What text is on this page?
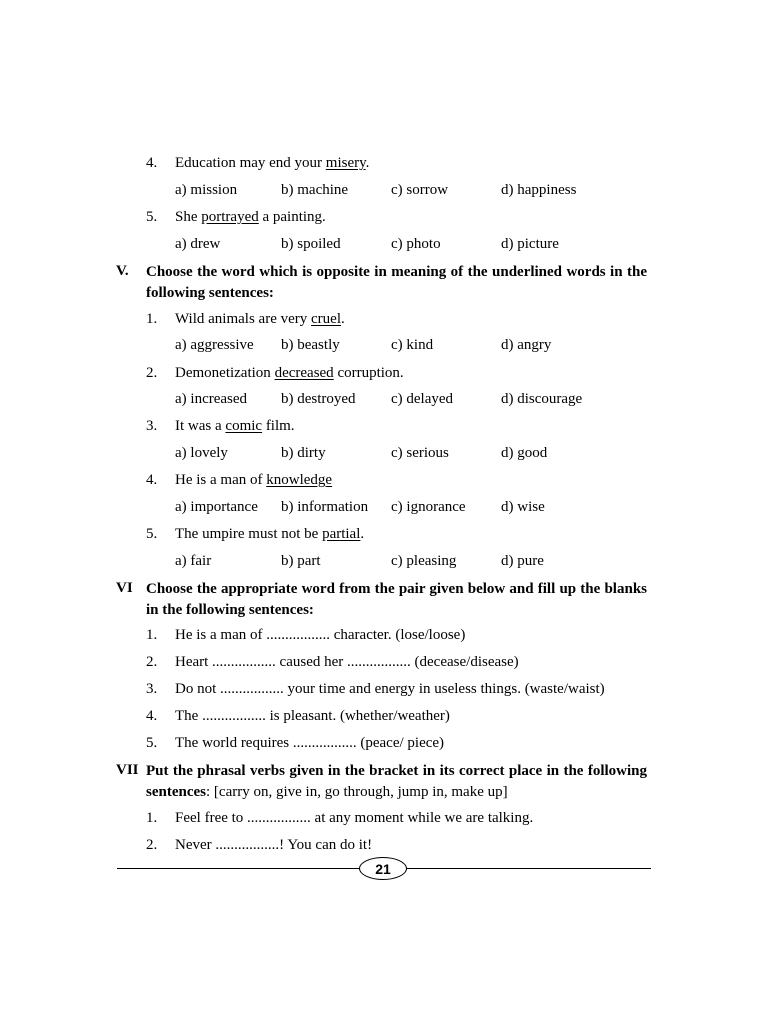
4. Education may end your misery.
a) mission	b) machine	c) sorrow	d) happiness
5. She portrayed a painting.
a) drew	b) spoiled	c) photo	d) picture
V. Choose the word which is opposite in meaning of the underlined words in the following sentences:
1. Wild animals are very cruel.
a) aggressive b) beastly	c) kind	d) angry
2. Demonetization decreased corruption.
a) increased b) destroyed c) delayed	d) discourage
3. It was a comic film.
a) lovely	b) dirty	c) serious	d) good
4. He is a man of knowledge
a) importance b) information c) ignorance d) wise
5. The umpire must not be partial.
a) fair	b) part	c) pleasing	d) pure
VI Choose the appropriate word from the pair given below and fill up the blanks in the following sentences:
1. He is a man of ................. character. (lose/loose)
2. Heart ................. caused her ................. (decease/disease)
3. Do not ................. your time and energy in useless things. (waste/waist)
4. The ................. is pleasant. (whether/weather)
5. The world requires ................. (peace/ piece)
VII Put the phrasal verbs given in the bracket in its correct place in the following sentences: [carry on, give in, go through, jump in, make up]
1. Feel free to ................. at any moment while we are talking.
2. Never .................! You can do it!
21
